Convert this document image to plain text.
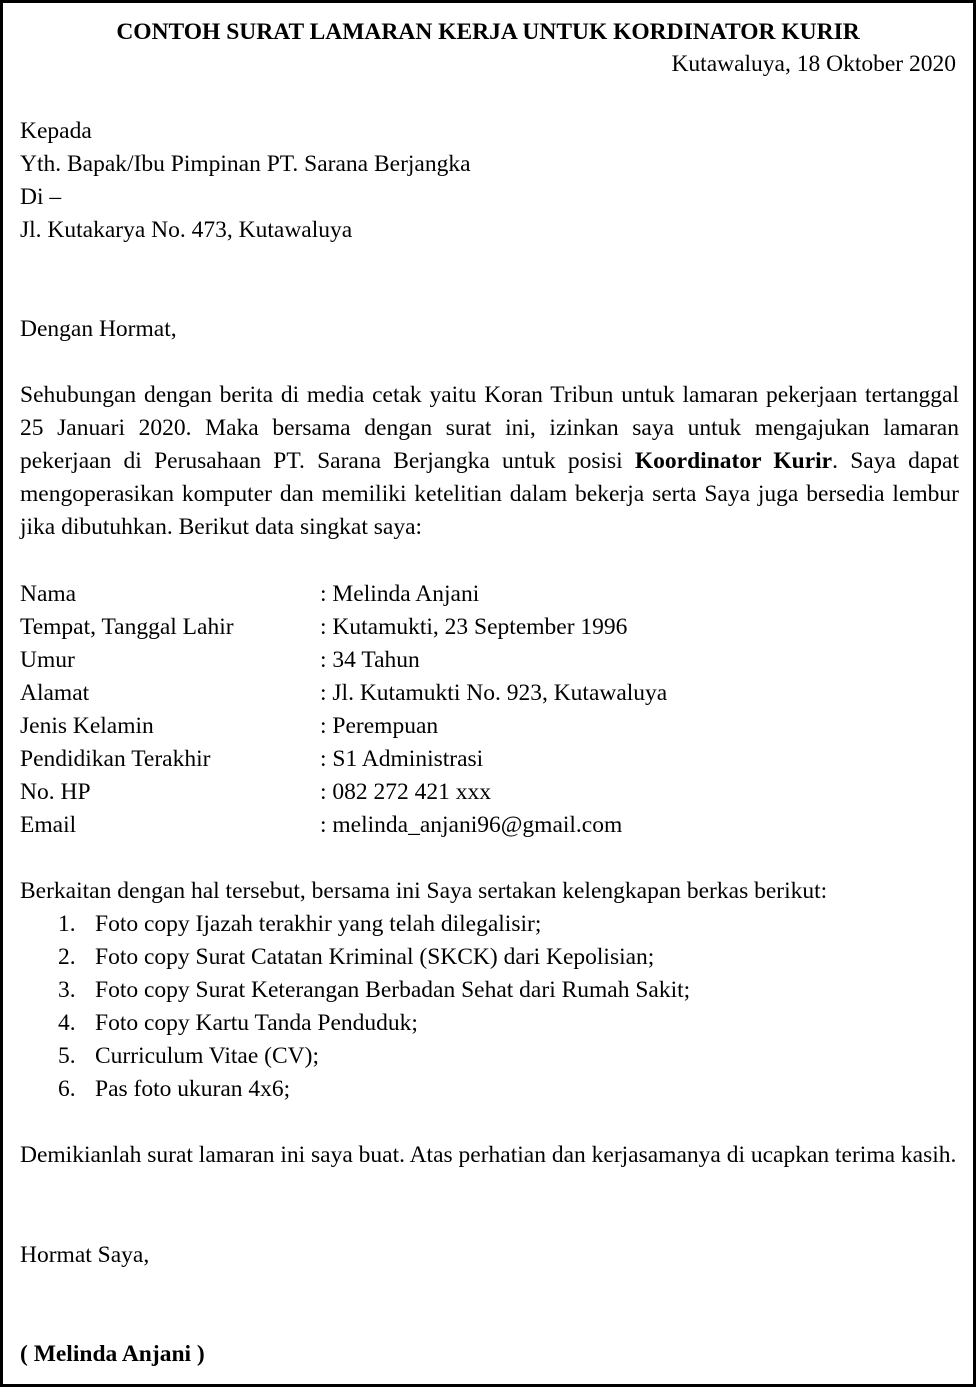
CONTOH SURAT LAMARAN KERJA UNTUK KORDINATOR KURIR
Kutawaluya, 18 Oktober 2020
Kepada
Yth. Bapak/Ibu Pimpinan PT. Sarana Berjangka
Di –
Jl. Kutakarya No. 473, Kutawaluya
Dengan Hormat,
Sehubungan dengan berita di media cetak yaitu Koran Tribun untuk lamaran pekerjaan tertanggal 25 Januari 2020. Maka bersama dengan surat ini, izinkan saya untuk mengajukan lamaran pekerjaan di Perusahaan PT. Sarana Berjangka untuk posisi Koordinator Kurir. Saya dapat mengoperasikan komputer dan memiliki ketelitian dalam bekerja serta Saya juga bersedia lembur jika dibutuhkan. Berikut data singkat saya:
Nama	: Melinda Anjani
Tempat, Tanggal Lahir	: Kutamukti, 23 September 1996
Umur	: 34 Tahun
Alamat	: Jl. Kutamukti No. 923, Kutawaluya
Jenis Kelamin	: Perempuan
Pendidikan Terakhir	: S1 Administrasi
No. HP	: 082 272 421 xxx
Email	: melinda_anjani96@gmail.com
Berkaitan dengan hal tersebut, bersama ini Saya sertakan kelengkapan berkas berikut:
1. Foto copy Ijazah terakhir yang telah dilegalisir;
2. Foto copy Surat Catatan Kriminal (SKCK) dari Kepolisian;
3. Foto copy Surat Keterangan Berbadan Sehat dari Rumah Sakit;
4. Foto copy Kartu Tanda Penduduk;
5. Curriculum Vitae (CV);
6. Pas foto ukuran 4x6;
Demikianlah surat lamaran ini saya buat. Atas perhatian dan kerjasamanya di ucapkan terima kasih.
Hormat Saya,
( Melinda Anjani )
